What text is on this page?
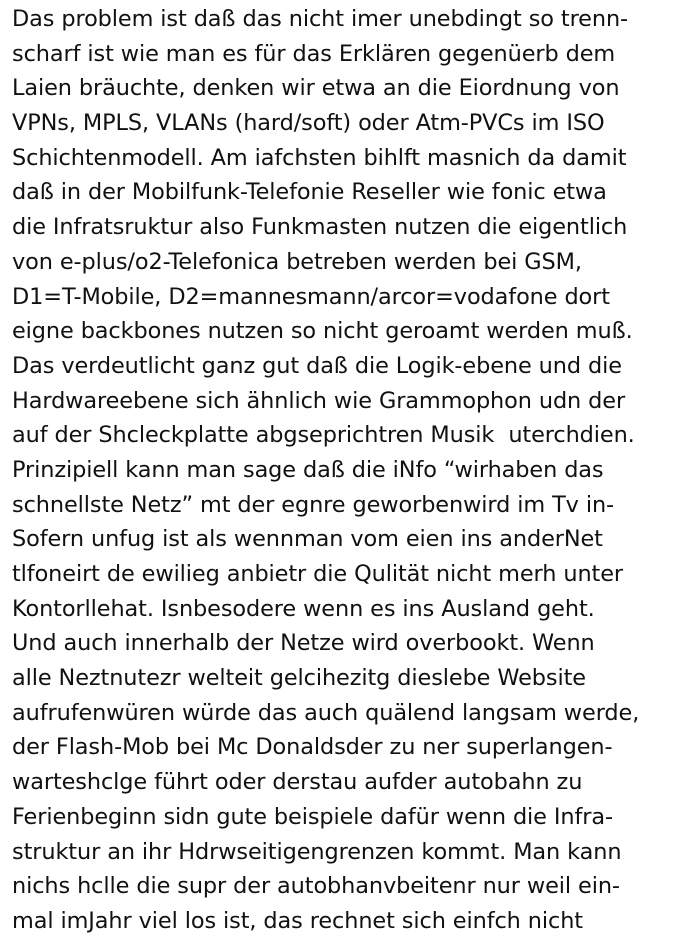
Das problem ist daß das nicht imer unebdingt so trenn-
scharf ist wie man es für das Erklären gegenüerb dem
Laien bräuchte, denken wir etwa an die Eiordnung von
VPNs, MPLS, VLANs (hard/soft) oder Atm-PVCs im ISO
Schichtenmodell. Am iafchsten bihlft masnich da damit
daß in der Mobilfunk-Telefonie Reseller wie fonic etwa
die Infratsruktur also Funkmasten nutzen die eigentlich
von e-plus/o2-Telefonica betreben werden bei GSM,
D1=T-Mobile, D2=mannesmann/arcor=vodafone dort
eigne backbones nutzen so nicht geroamt werden muß.
Das verdeutlicht ganz gut daß die Logik-ebene und die
Hardwareebene sich ähnlich wie Grammophon udn der
auf der Shcleckplatte abgseprichtren Musik  uterchdien.
Prinzipiell kann man sage daß die iNfo “wirhaben das
schnellste Netz” mt der egnre geworbenwird im Tv in-
Sofern unfug ist als wennman vom eien ins anderNet
tlfoneirt de ewilieg anbietr die Qulität nicht merh unter
Kontorllehat. Isnbesodere wenn es ins Ausland geht.
Und auch innerhalb der Netze wird overbookt. Wenn
alle Neztnutezr welteit gelcihezitg dieslebe Website
aufrufenwüren würde das auch quälend langsam werde,
der Flash-Mob bei Mc Donaldsder zu ner superlangen-
warteshclge führt oder derstau aufder autobahn zu
Ferienbeginn sidn gute beispiele dafür wenn die Infra-
struktur an ihr Hdrwseitigengrenzen kommt. Man kann
nichs hclle die supr der autobhanvbeitenr nur weil ein-
mal imJahr viel los ist, das rechnet sich einfch nicht
